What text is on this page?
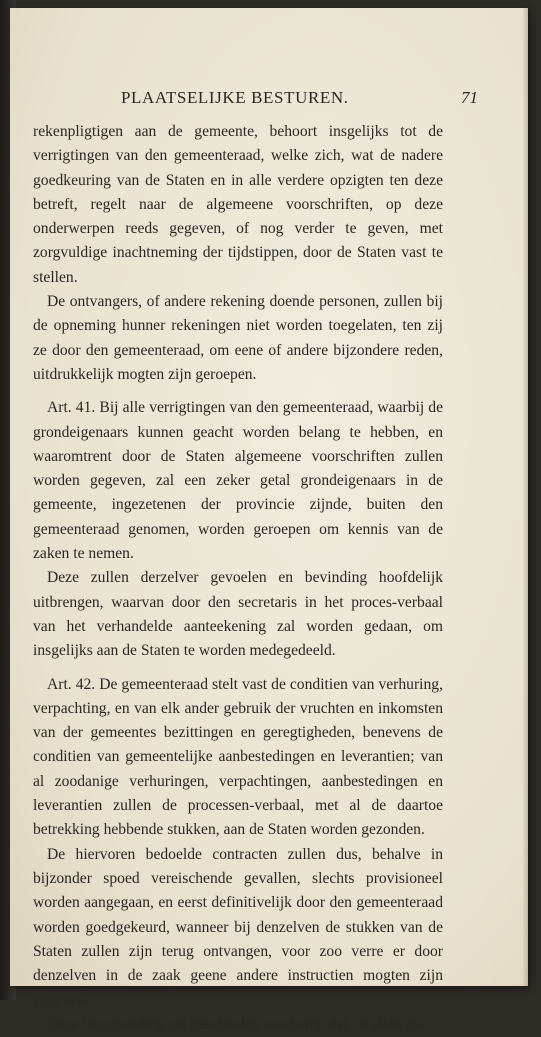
PLAATSELIJKE BESTUREN.	71

rekenpligtigen aan de gemeente, behoort insgelijks tot de verrigtingen van den gemeenteraad, welke zich, wat de nadere goedkeuring van de Staten en in alle verdere opzigten ten deze betreft, regelt naar de algemeene voorschriften, op deze onderwerpen reeds gegeven, of nog verder te geven, met zorgvuldige inachtneming der tijdstippen, door de Staten vast te stellen.

De ontvangers, of andere rekening doende personen, zullen bij de opneming hunner rekeningen niet worden toegelaten, ten zij ze door den gemeenteraad, om eene of andere bijzondere reden, uitdrukkelijk mogten zijn geroepen.

Art. 41. Bij alle verrigtingen van den gemeenteraad, waarbij de grondeigenaars kunnen geacht worden belang te hebben, en waaromtrent door de Staten algemeene voorschriften zullen worden gegeven, zal een zeker getal grondeigenaars in de gemeente, ingezetenen der provincie zijnde, buiten den gemeenteraad genomen, worden geroepen om kennis van de zaken te nemen.

Deze zullen derzelver gevoelen en bevinding hoofdelijk uitbrengen, waarvan door den secretaris in het proces-verbaal van het verhandelde aanteekening zal worden gedaan, om insgelijks aan de Staten te worden medegedeeld.

Art. 42. De gemeenteraad stelt vast de conditien van verhuring, verpachting, en van elk ander gebruik der vruchten en inkomsten van der gemeentes bezittingen en geregtigheden, benevens de conditien van gemeentelijke aanbestedingen en leverantien; van al zoodanige verhuringen, verpachtingen, aanbestedingen en leverantien zullen de processen-verbaal, met al de daartoe betrekking hebbende stukken, aan de Staten worden gezonden.

De hiervoren bedoelde contracten zullen dus, behalve in bijzonder spoed vereischende gevallen, slechts provisioneel worden aangegaan, en eerst definitivelijk door den gemeenteraad worden goedgekeurd, wanneer bij denzelven de stukken van de Staten zullen zijn terug ontvangen, voor zoo verre er door denzelven in de zaak geene andere instructien mogten zijn gegeven.

Deze terugzending zal geschieden zoodanig, dat, in allen ge-
